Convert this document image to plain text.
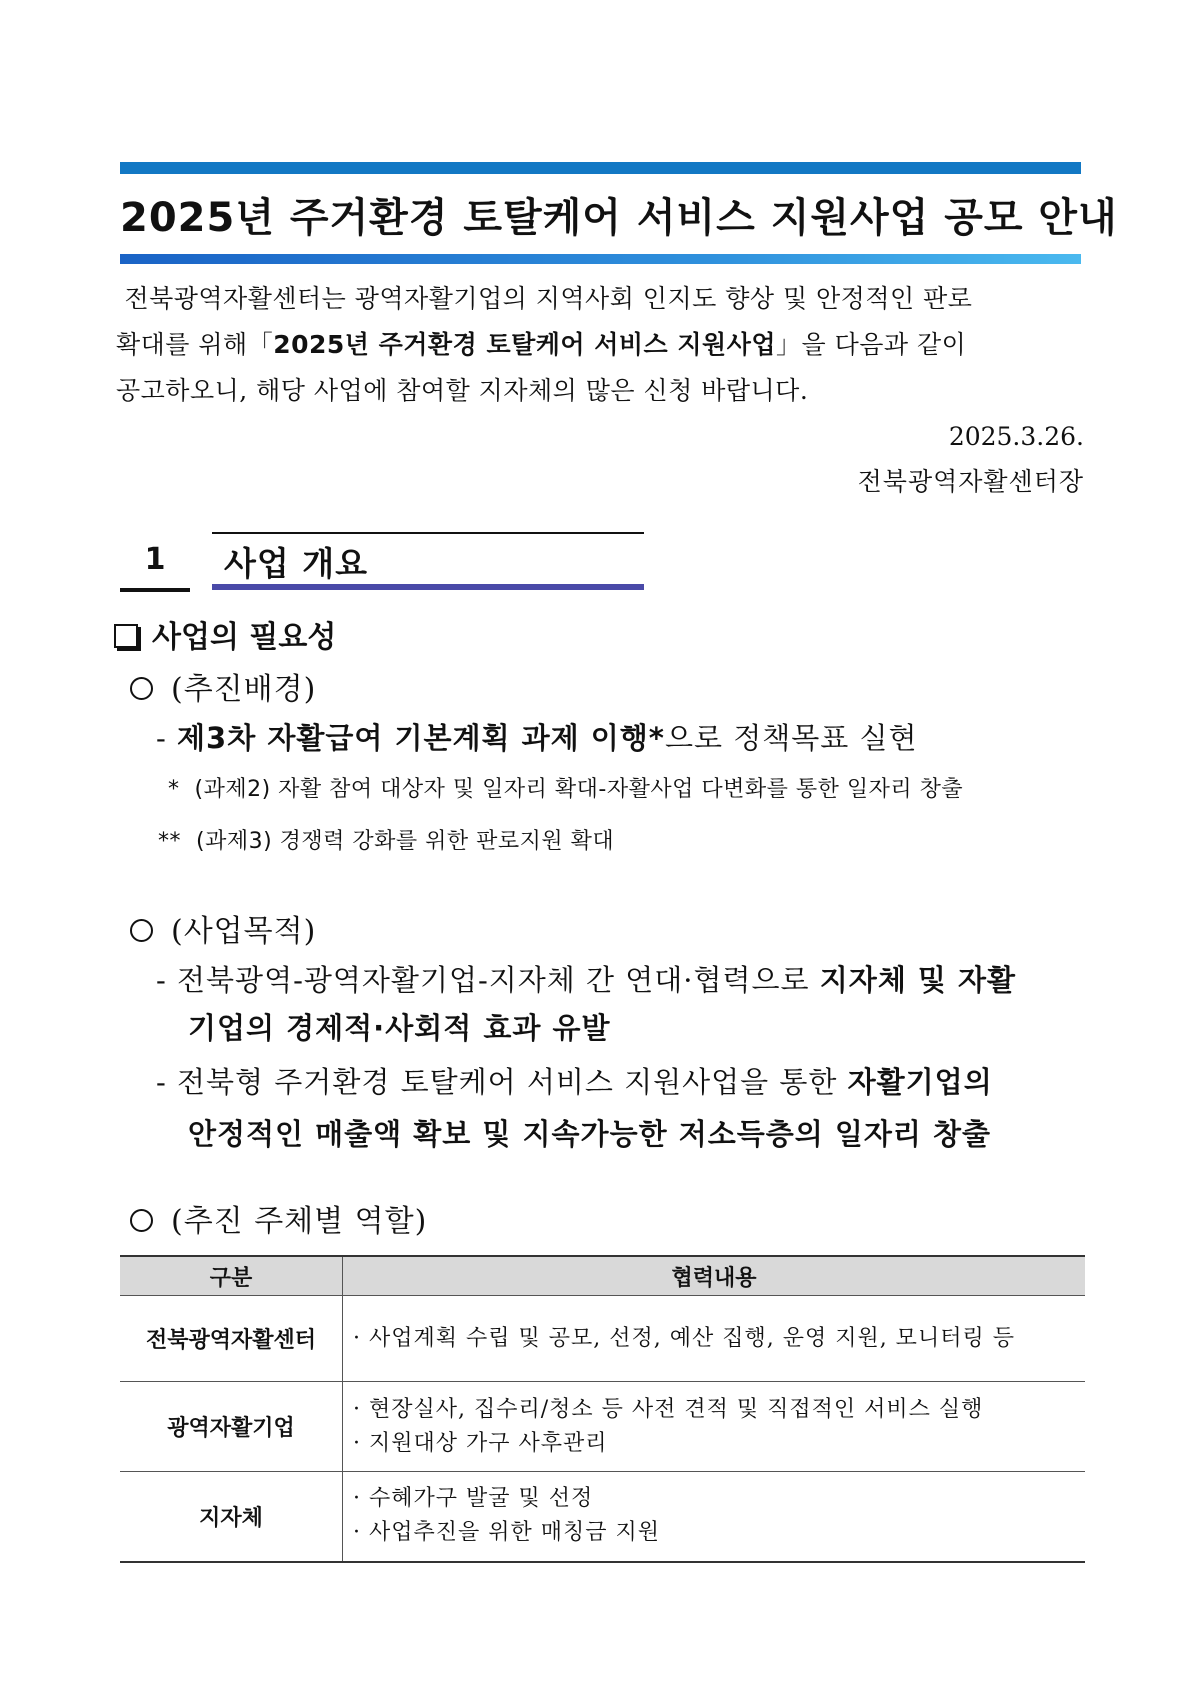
2025년 주거환경 토탈케어 서비스 지원사업 공모 안내
전북광역자활센터는 광역자활기업의 지역사회 인지도 향상 및 안정적인 판로
확대를 위해「2025년 주거환경 토탈케어 서비스 지원사업」을 다음과 같이
공고하오니, 해당 사업에 참여할 지자체의 많은 신청 바랍니다.
2025.3.26.
전북광역자활센터장
1	사업 개요
사업의 필요성
(추진배경)
- 제3차 자활급여 기본계획 과제 이행*으로 정책목표 실현
* (과제2) 자활 참여 대상자 및 일자리 확대-자활사업 다변화를 통한 일자리 창출
** (과제3) 경쟁력 강화를 위한 판로지원 확대
(사업목적)
- 전북광역-광역자활기업-지자체 간 연대·협력으로 지자체 및 자활
기업의 경제적·사회적 효과 유발
- 전북형 주거환경 토탈케어 서비스 지원사업을 통한 자활기업의
안정적인 매출액 확보 및 지속가능한 저소득층의 일자리 창출
(추진 주체별 역할)
구분	협력내용
전북광역자활센터	· 사업계획 수립 및 공모, 선정, 예산 집행, 운영 지원, 모니터링 등

광역자활기업	· 현장실사, 집수리/청소 등 사전 견적 및 직접적인 서비스 실행
· 지원대상 가구 사후관리

지자체	· 수혜가구 발굴 및 선정
· 사업추진을 위한 매칭금 지원
